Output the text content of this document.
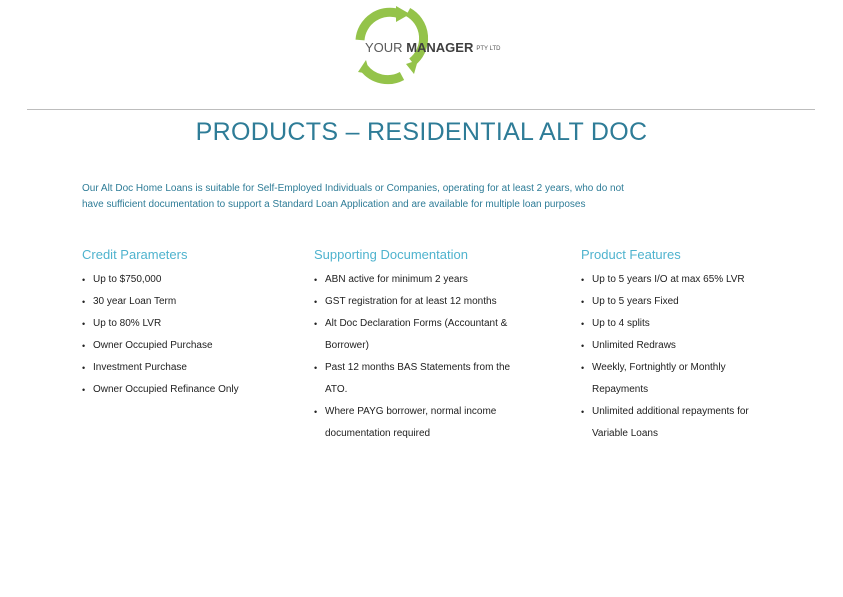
YOUR MANAGER PTY LTD
PRODUCTS – RESIDENTIAL ALT DOC
Our Alt Doc Home Loans is suitable for Self-Employed Individuals or Companies, operating for at least 2 years, who do not
have sufficient documentation to support a Standard Loan Application and are available for multiple loan purposes
Credit Parameters
• Up to $750,000
• 30 year Loan Term
• Up to 80% LVR
• Owner Occupied Purchase
• Investment Purchase
• Owner Occupied Refinance Only
Supporting Documentation
• ABN active for minimum 2 years
• GST registration for at least 12 months
• Alt Doc Declaration Forms (Accountant & Borrower)
• Past 12 months BAS Statements from the ATO.
• Where PAYG borrower, normal income documentation required
Product Features
• Up to 5 years I/O at max 65% LVR
• Up to 5 years Fixed
• Up to 4 splits
• Unlimited Redraws
• Weekly, Fortnightly or Monthly Repayments
• Unlimited additional repayments for Variable Loans
